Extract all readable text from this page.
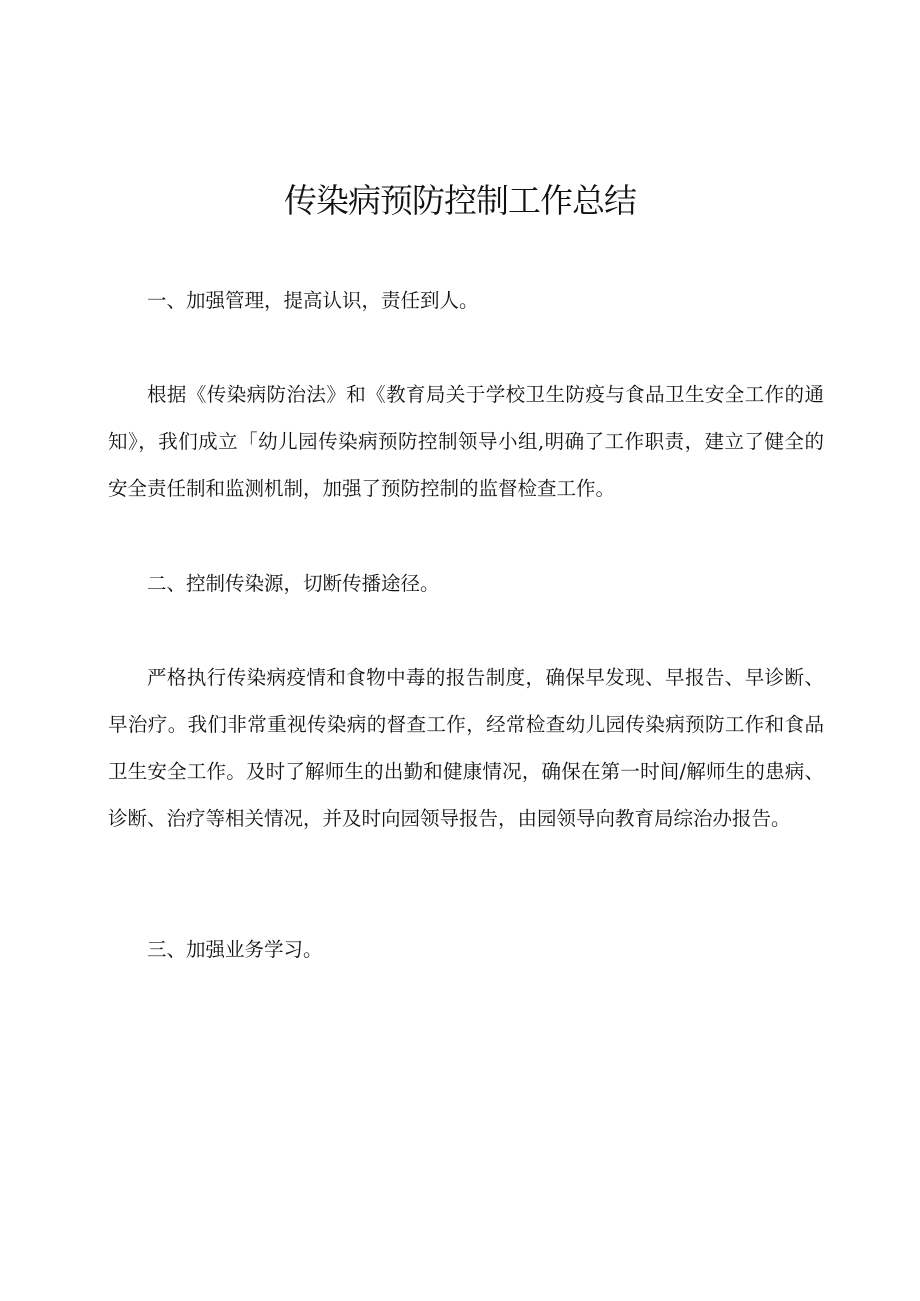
传染病预防控制工作总结

一、加强管理，提高认识，责任到人。

根据《传染病防治法》和《教育局关于学校卫生防疫与食品卫生安全工作的通知》，我们成立「幼儿园传染病预防控制领导小组,明确了工作职责，建立了健全的安全责任制和监测机制，加强了预防控制的监督检查工作。

二、控制传染源，切断传播途径。

严格执行传染病疫情和食物中毒的报告制度，确保早发现、早报告、早诊断、早治疗。我们非常重视传染病的督查工作，经常检查幼儿园传染病预防工作和食品卫生安全工作。及时了解师生的出勤和健康情况，确保在第一时间/解师生的患病、诊断、治疗等相关情况，并及时向园领导报告，由园领导向教育局综治办报告。

三、加强业务学习。
